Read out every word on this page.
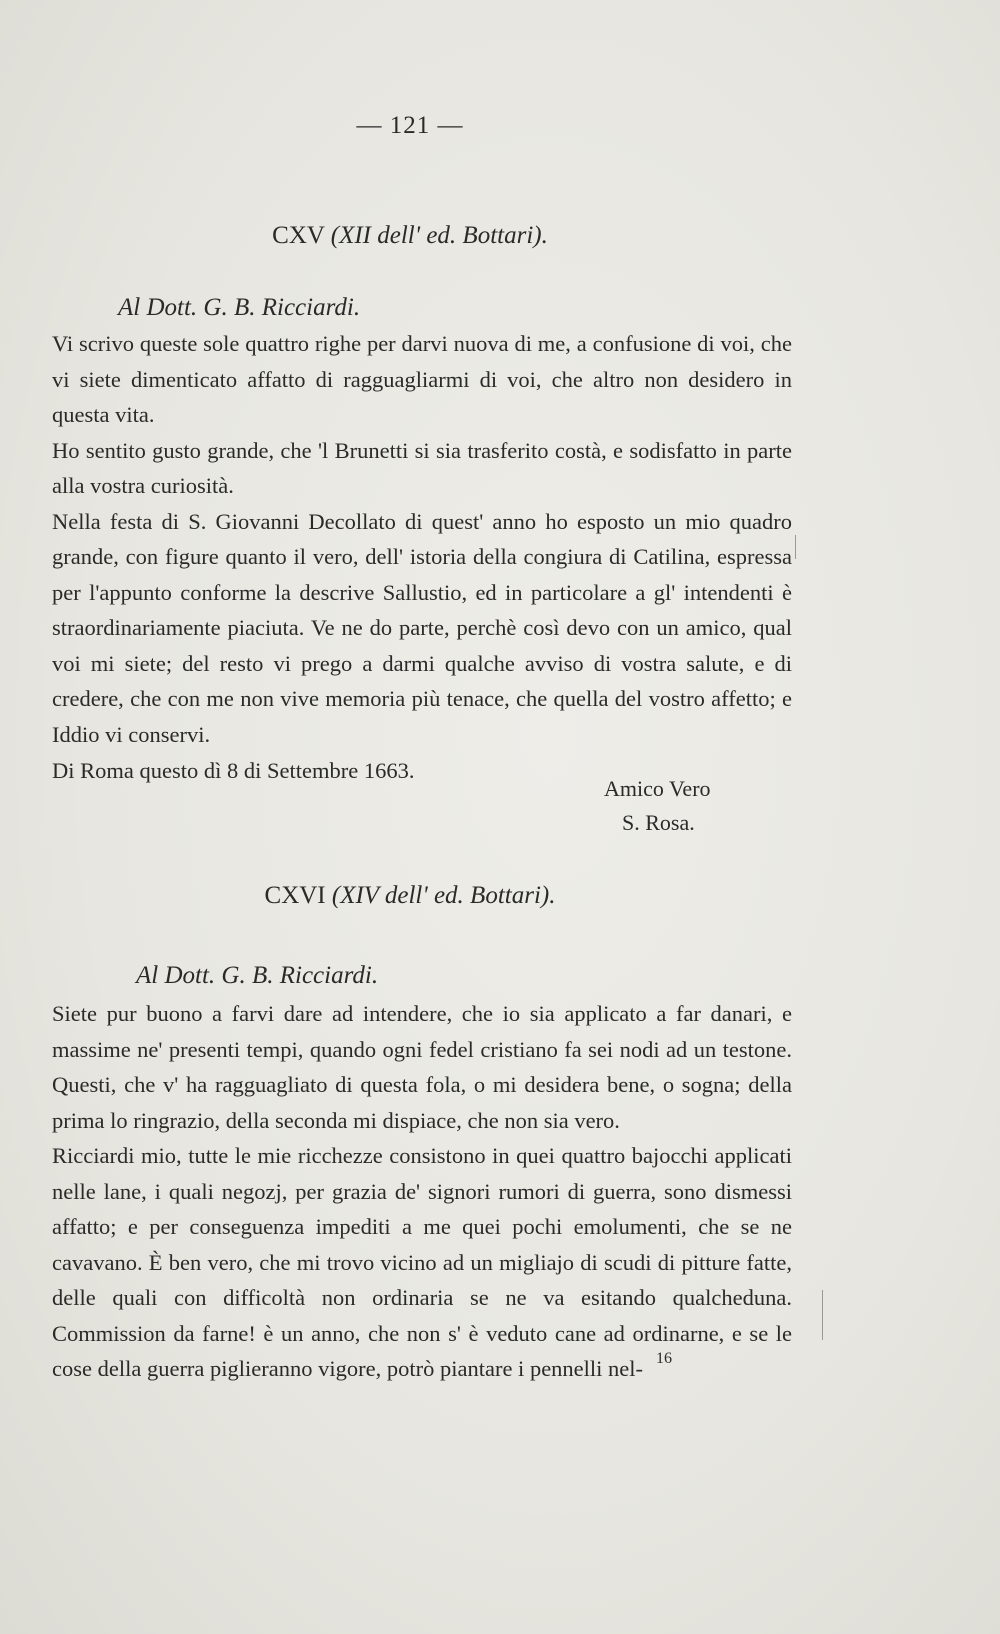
— 121 —
CXV (XII dell' ed. Bottari).
Al Dott. G. B. Ricciardi.

Vi scrivo queste sole quattro righe per darvi nuova di me, a confusione di voi, che vi siete dimenticato affatto di ragguagliarmi di voi, che altro non desidero in questa vita.

Ho sentito gusto grande, che 'l Brunetti si sia trasferito costà, e sodisfatto in parte alla vostra curiosità.

Nella festa di S. Giovanni Decollato di quest' anno ho esposto un mio quadro grande, con figure quanto il vero, dell' istoria della congiura di Catilina, espressa per l'appunto conforme la descrive Sallustio, ed in particolare a gl' intendenti è straordinariamente piaciuta. Ve ne do parte, perchè così devo con un amico, qual voi mi siete; del resto vi prego a darmi qualche avviso di vostra salute, e di credere, che con me non vive memoria più tenace, che quella del vostro affetto; e Iddio vi conservi.

Di Roma questo dì 8 di Settembre 1663.

Amico Vero
S. Rosa.
CXVI (XIV dell' ed. Bottari).
Al Dott. G. B. Ricciardi.

Siete pur buono a farvi dare ad intendere, che io sia applicato a far danari, e massime ne' presenti tempi, quando ogni fedel cristiano fa sei nodi ad un testone. Questi, che v' ha ragguagliato di questa fola, o mi desidera bene, o sogna; della prima lo ringrazio, della seconda mi dispiace, che non sia vero.

Ricciardi mio, tutte le mie ricchezze consistono in quei quattro bajocchi applicati nelle lane, i quali negozj, per grazia de' signori rumori di guerra, sono dismessi affatto; e per conseguenza impediti a me quei pochi emolumenti, che se ne cavavano. È ben vero, che mi trovo vicino ad un migliajo di scudi di pitture fatte, delle quali con difficoltà non ordinaria se ne va esitando qualcheduna. Commission da farne! è un anno, che non s' è veduto cane ad ordinarne, e se le cose della guerra piglieranno vigore, potrò piantare i pennelli nel- 16
